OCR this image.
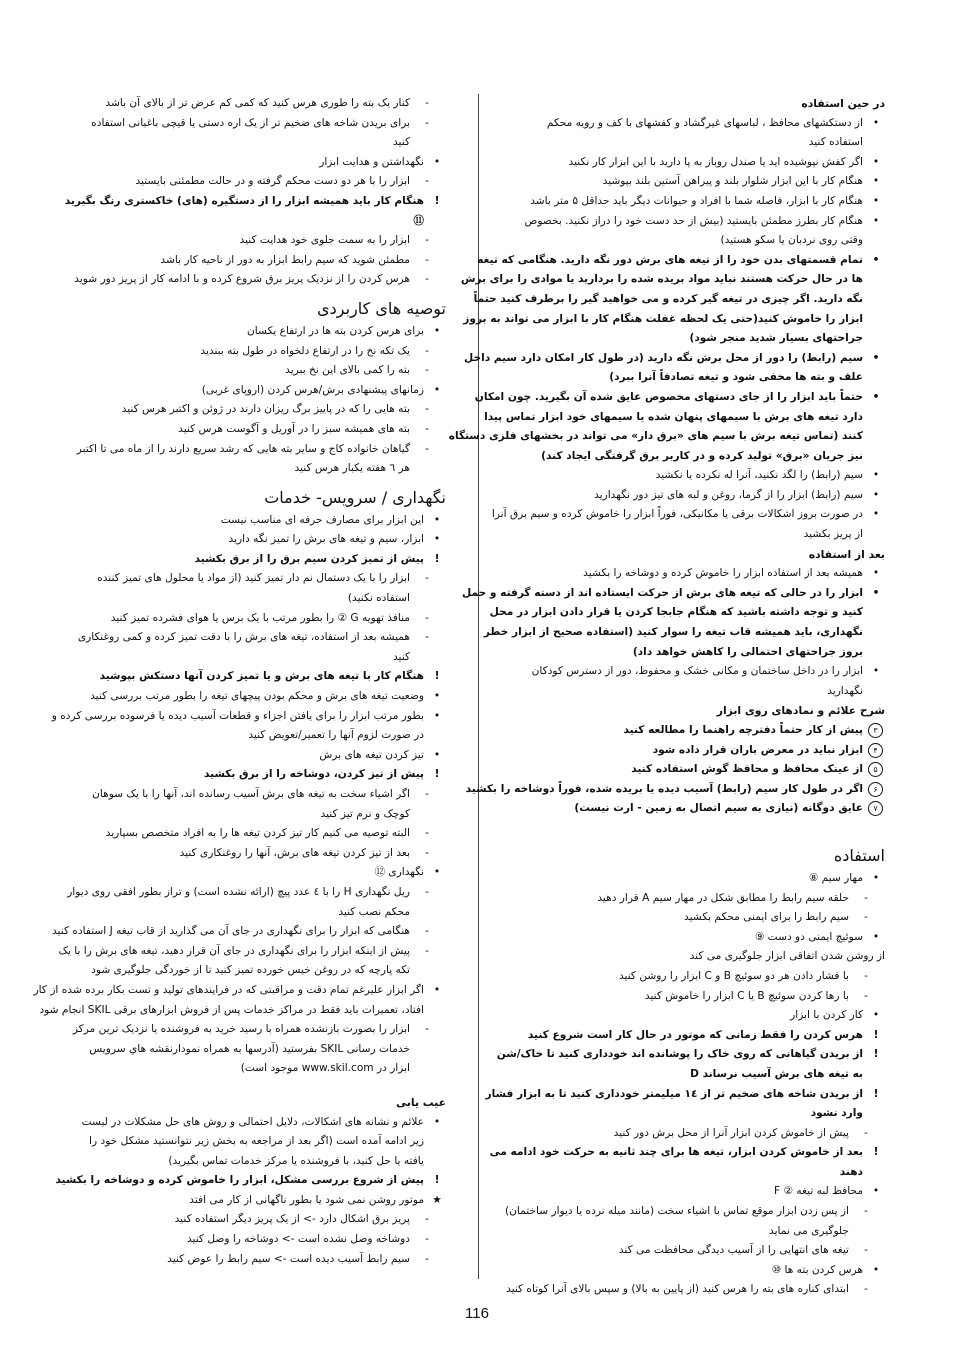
در حین استفاده
•
از دستکشهای محافظ ، لباسهای غیرگشاد و کفشهای با کف و رویه محکم
استفاده کنید
•
اگر کفش نپوشیده اید یا صندل روباز به پا دارید با این ابزار کار نکنید
•
هنگام کار با این ابزار شلوار بلند و پیراهن آستین بلند بپوشید
•
هنگام کار با ابزار، فاصله شما با افراد و حیوانات دیگر باید حداقل ۵ متر باشد
•
هنگام کار بطرز مطمئن بایستید (بیش از حد دست خود را دراز نکنید. بخصوص
وقتی روی نردبان یا سکو هستید)
•
تمام قسمتهای بدن خود را از تیغه های برش دور نگه دارید. هنگامی که تیغه
ها در حال حرکت هستند نباید مواد بریده شده را بردارید یا موادی را برای برش
نگه دارید. اگر چیزی در تیغه گیر کرده و می خواهید گیر را برطرف کنید حتماً
ابزار را خاموش کنید(حتی یک لحظه غفلت هنگام کار با ابزار می تواند به بروز
جراحتهای بسیار شدید منجر شود)
•
سیم (رابط) را دور از محل برش نگه دارید (در طول کار امکان دارد سیم داخل
علف و بته ها مخفی شود و تیغه تصادفاً آنرا ببرد)
•
حتماً باید ابزار را از جای دستهای مخصوص عایق شده آن بگیرید. چون امکان
دارد تیغه های برش با سیمهای پنهان شده یا سیمهای خود ابزار تماس پیدا
کنند (تماس تیغه برش با سیم های «برق دار» می تواند در بخشهای فلزی دستگاه
نیز جریان «برق» تولید کرده و در کاربر برق گرفتگی ایجاد کند)
•
سیم (رابط) را لگد نکنید، آنرا له نکرده یا نکشید
•
سیم (رابط) ابزار را از گرما، روغن و لبه های تیز دور نگهدارید
•
در صورت بروز اشکالات برقی یا مکانیکی، فوراً ابزار را خاموش کرده و سیم برق آنرا
از پریز بکشید
بعد از استفاده
•
همیشه بعد از استفاده ابزار را خاموش کرده و دوشاخه را بکشید
•
ابزار را در حالی که تیغه های برش از حرکت ایستاده اند از دسته گرفته و حمل
کنید و توجه داشته باشید که هنگام جابجا کردن یا قرار دادن ابزار در محل
نگهداری، باید همیشه قاب تیغه را سوار کنید (استفاده صحیح از ابزار خطر
بروز جراحتهای احتمالی را کاهش خواهد داد)
•
ابزار را در داخل ساختمان و مکانی خشک و محفوظ، دور از دسترس کودکان
نگهدارید
شرح علائم و نمادهای روی ابزار
۳
پیش از کار حتماً دفترچه راهنما را مطالعه کنید
۴
ابزار نباید در معرض باران قرار داده شود
۵
از عینک محافظ و محافظ گوش استفاده کنید
۶
اگر در طول کار سیم (رابط) آسیب دیده یا بریده شده، فوراً دوشاخه را بکشید
۷
عایق دوگانه (نیازی به سیم اتصال به زمین - ارت نیست)
استفاده
•
مهار سیم ⑧
-
حلقه سیم رابط را مطابق شکل در مهار سیم A قرار دهید
-
سیم رابط را برای ایمنی محکم بکشید
•
سوئیچ ایمنی دو دست ⑨
از روشن شدن اتفاقی ابزار جلوگیری می کند
-
با فشار دادن هر دو سوئیچ B و C ابزار را روشن کنید
-
با رها کردن سوئیچ B یا C ابزار را خاموش کنید
•
کار کردن با ابزار
!
هرس کردن را فقط زمانی که موتور در حال کار است شروع کنید
!
از بریدن گیاهانی که روی خاک را پوشانده اند خودداری کنید تا خاک/شن
به تیغه های برش آسیب نرساند D
!
از بریدن شاخه های ضخیم تر از ١٤ میلیمتر خودداری کنید تا به ابزار فشار
وارد نشود
-
پیش از خاموش کردن ابزار آنرا از محل برش دور کنید
!
بعد از خاموش کردن ابزار، تیغه ها برای چند ثانیه به حرکت خود ادامه می
دهند
•
محافظ لبه تیغه ② F
-
از پس زدن ابزار موقع تماس با اشیاء سخت (مانند میله نرده یا دیوار ساختمان)
جلوگیری می نماید
-
تیغه های انتهایی را از آسیب دیدگی محافظت می کند
•
هرس کردن بته ها ⑩
-
ابتدای کناره های بته را هرس کنید (از پایین به بالا) و سپس بالای آنرا کوتاه کنید
-
کنار یک بته را طوری هرس کنید که کمی کم عرض تر از بالای آن باشد
-
برای بریدن شاخه های ضخیم تر از یک اره دستی یا قیچی باغبانی استفاده
کنید
•
نگهداشتن و هدایت ابزار
-
ابزار را با هر دو دست محکم گرفته و در حالت مطمئنی بایستید
!
هنگام کار باید همیشه ابزار را از دستگیره (های) خاکستری رنگ بگیرید
⑪
-
ابزار را به سمت جلوی خود هدایت کنید
-
مطمئن شوید که سیم رابط ابزار به دور از ناحیه کار باشد
-
هرس کردن را از نزدیک پریز برق شروع کرده و با ادامه کار از پریز دور شوید
توصیه های کاربردی
•
برای هرس کردن بته ها در ارتفاع یکسان
-
یک تکه نخ را در ارتفاع دلخواه در طول بته ببندید
-
بته را کمی بالای این نخ ببرید
•
زمانهای پیشنهادی برش/هرس کردن (اروپای غربی)
-
بته هایی را که در پاییز برگ ریزان دارند در ژوئن و اکتبر هرس کنید
-
بته های همیشه سبز را در آوریل و آگوست هرس کنید
-
گیاهان خانواده کاج و سایر بته هایی که رشد سریع دارند را از ماه می تا اکتبر
هر ٦ هفته یکبار هرس کنید
نگهداری / سرویس- خدمات
•
این ابزار برای مصارف حرفه ای مناسب نیست
•
ابزار، سیم و تیغه های برش را تمیز نگه دارید
!
پیش از تمیز کردن سیم برق را از برق بکشید
-
ابزار را با یک دستمال نم دار تمیز کنید (از مواد یا محلول های تمیز کننده
استفاده نکنید)
-
منافذ تهویه G ② را بطور مرتب با یک برس یا هوای فشرده تمیز کنید
-
همیشه بعد از استفاده، تیغه های برش را با دقت تمیز کرده و کمی روغنکاری
کنید
!
هنگام کار با تیغه های برش و یا تمیز کردن آنها دستکش بپوشید
•
وضعیت تیغه های برش و محکم بودن پیچهای تیغه را بطور مرتب بررسی کنید
•
بطور مرتب ابزار را برای یافتن اجزاء و قطعات آسیب دیده یا فرسوده بررسی کرده و
در صورت لزوم آنها را تعمیر/تعویض کنید
•
تیز کردن تیغه های برش
!
پیش از تیز کردن، دوشاخه را از برق بکشید
-
اگر اشیاء سخت به تیغه های برش آسیب رسانده اند، آنها را با یک سوهان
کوچک و نرم تیز کنید
-
البته توصیه می کنیم کار تیز کردن تیغه ها را به افراد متخصص بسپارید
-
بعد از تیز کردن تیغه های برش، آنها را روغنکاری کنید
•
نگهداری ⑫
-
ریل نگهداری H را با ٤ عدد پیچ (ارائه نشده است) و تراز بطور افقی روی دیوار
محکم نصب کنید
-
هنگامی که ابزار را برای نگهداری در جای آن می گذارید از قاب تیغه J استفاده کنید
-
پیش از اینکه ابزار را برای نگهداری در جای آن قرار دهید، تیغه های برش را با یک
تکه پارچه که در روغن خیس خورده تمیز کنید تا از خوردگی جلوگیری شود
•
اگر ابزار علیرغم تمام دقت و مراقبتی که در فرایندهای تولید و تست بکار برده شده از کار
افتاد، تعمیرات باید فقط در مراکز خدمات پس از فروش ابزارهای برقی SKIL انجام شود
-
ابزار را بصورت بازنشده همراه با رسید خرید به فروشنده یا نزدیک ترین مرکز
خدمات رسانی SKIL بفرستید (آدرسها به همراه نمودارنقشه هاي سرويس
ابزار در www.skil.com موجود است)
عیب یابی
•
علائم و نشانه های اشکالات، دلایل احتمالی و روش های حل مشکلات در لیست
زیر ادامه آمده است (اگر بعد از مراجعه به بخش زیر نتوانستید مشکل خود را
یافته یا حل کنید، با فروشنده یا مرکز خدمات تماس بگیرید)
!
پیش از شروع بررسی مشکل، ابزار را خاموش کرده و دوشاخه را بکشید
★
موتور روشن نمی شود یا بطور ناگهانی از کار می افتد
-
پریز برق اشکال دارد -> از یک پریز دیگر استفاده کنید
-
دوشاخه وصل نشده است -> دوشاخه را وصل کنید
-
سیم رابط آسیب دیده است -> سیم رابط را عوض کنید
116
